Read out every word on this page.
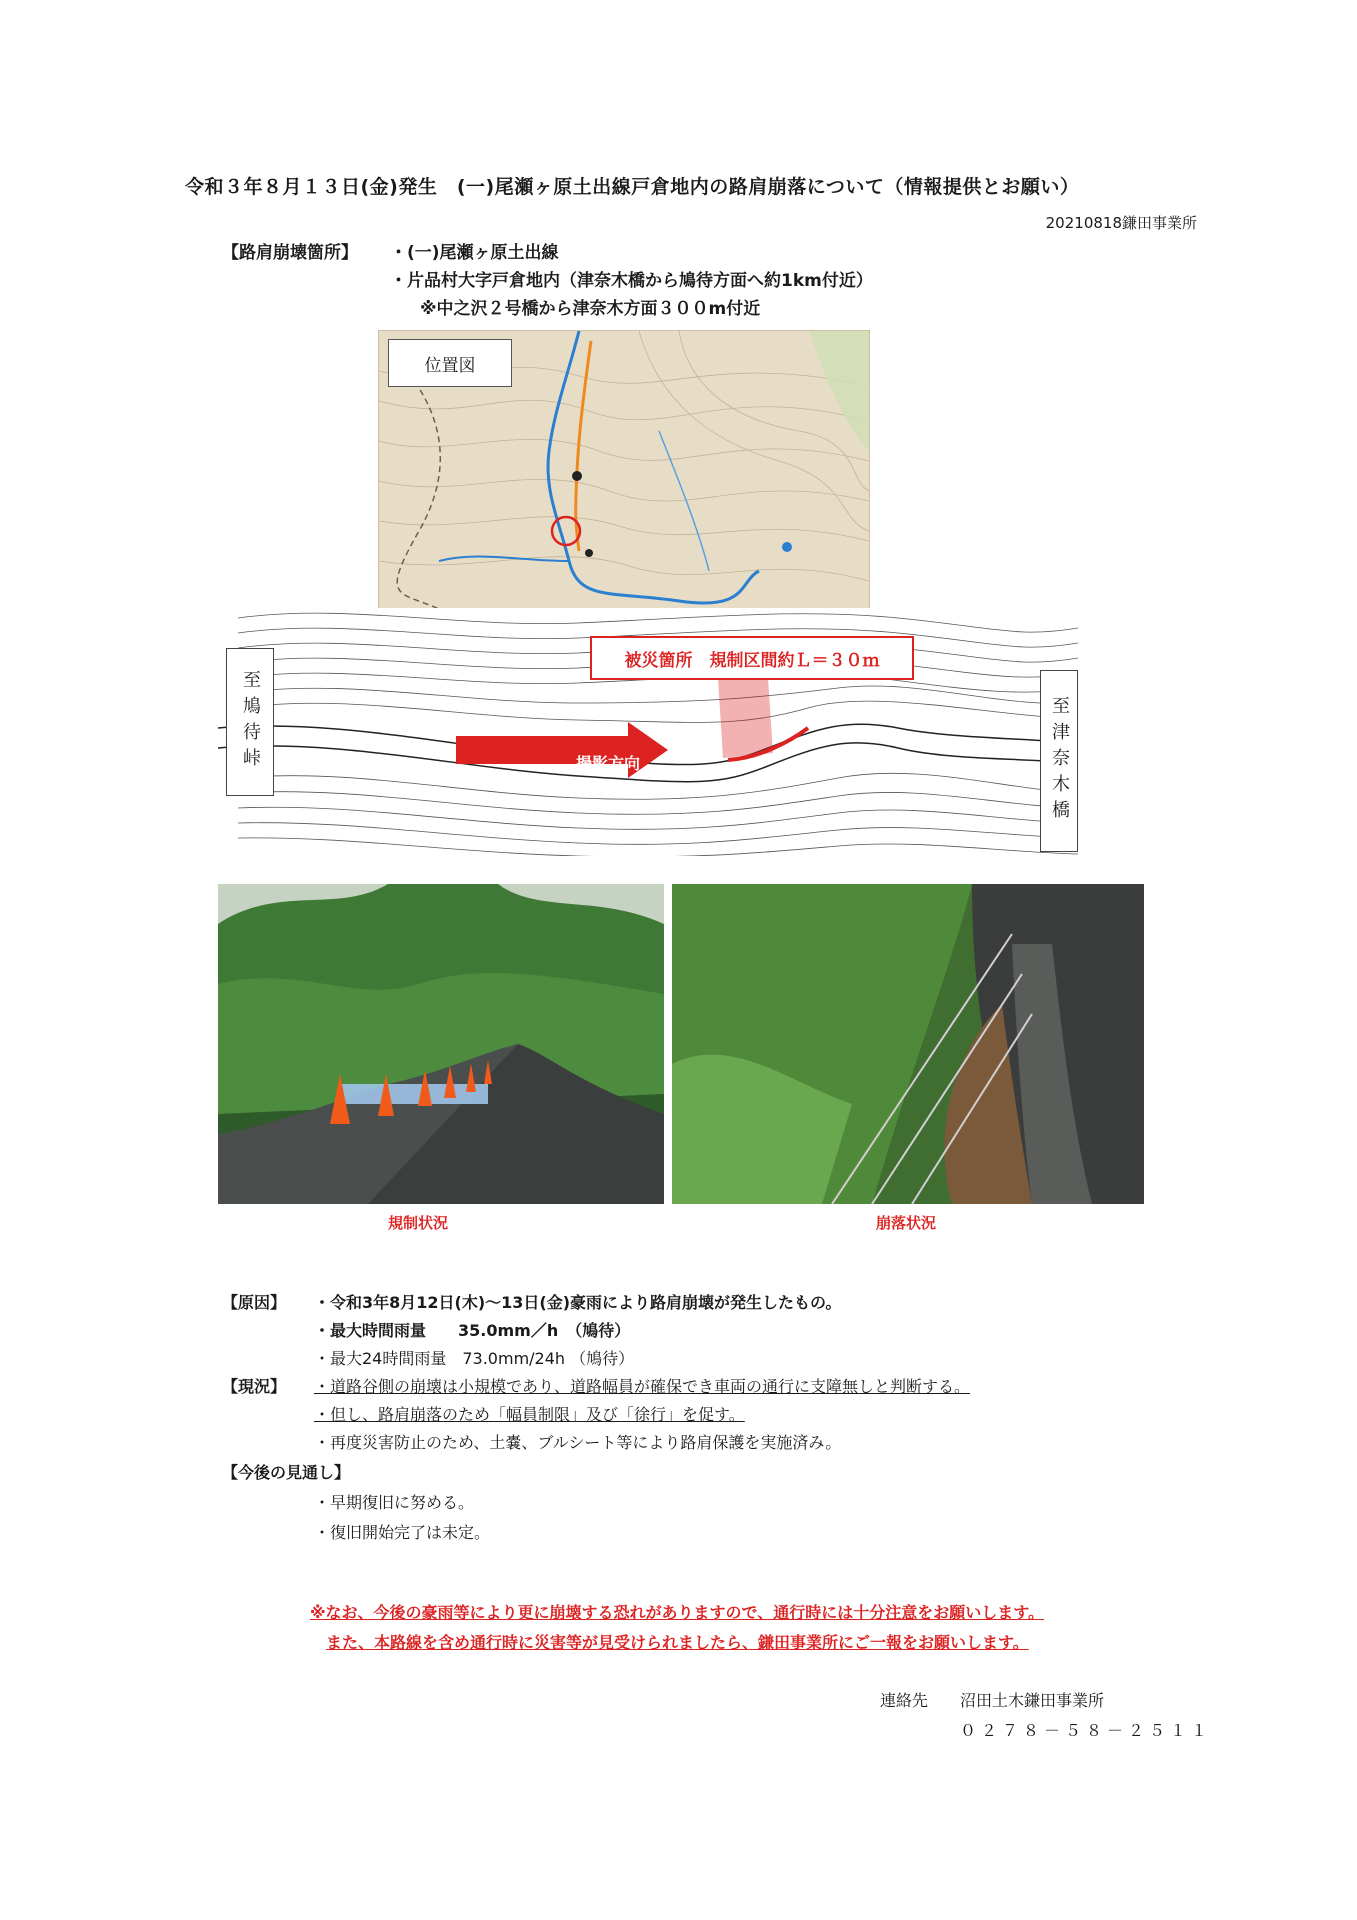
令和３年８月１３日(金)発生　(一)尾瀬ヶ原土出線戸倉地内の路肩崩落について（情報提供とお願い）
20210818鎌田事業所
【路肩崩壊箇所】 ・(一)尾瀬ヶ原土出線
・片品村大字戸倉地内（津奈木橋から鳩待方面へ約1km付近）
※中之沢２号橋から津奈木方面３００m付近
位置図
至鳩待峠	至津奈木橋
被災箇所　規制区間約Ｌ＝３０ｍ
撮影方向
規制状況	崩落状況
【原因】 ・令和3年8月12日(木)～13日(金)豪雨により路肩崩壊が発生したもの。
・最大時間雨量　　35.0mm／h　（鳩待）
・最大24時間雨量　73.0mm/24h （鳩待）
【現況】 ・道路谷側の崩壊は小規模であり、道路幅員が確保でき車両の通行に支障無しと判断する。
・但し、路肩崩落のため「幅員制限」及び「徐行」を促す。
・再度災害防止のため、土嚢、ブルシート等により路肩保護を実施済み。
【今後の見通し】
・早期復旧に努める。
・復旧開始完了は未定。
※なお、今後の豪雨等により更に崩壊する恐れがありますので、通行時には十分注意をお願いします。
また、本路線を含め通行時に災害等が見受けられましたら、鎌田事業所にご一報をお願いします。
連絡先 沼田土木鎌田事業所
０２７８－５８－２５１１
